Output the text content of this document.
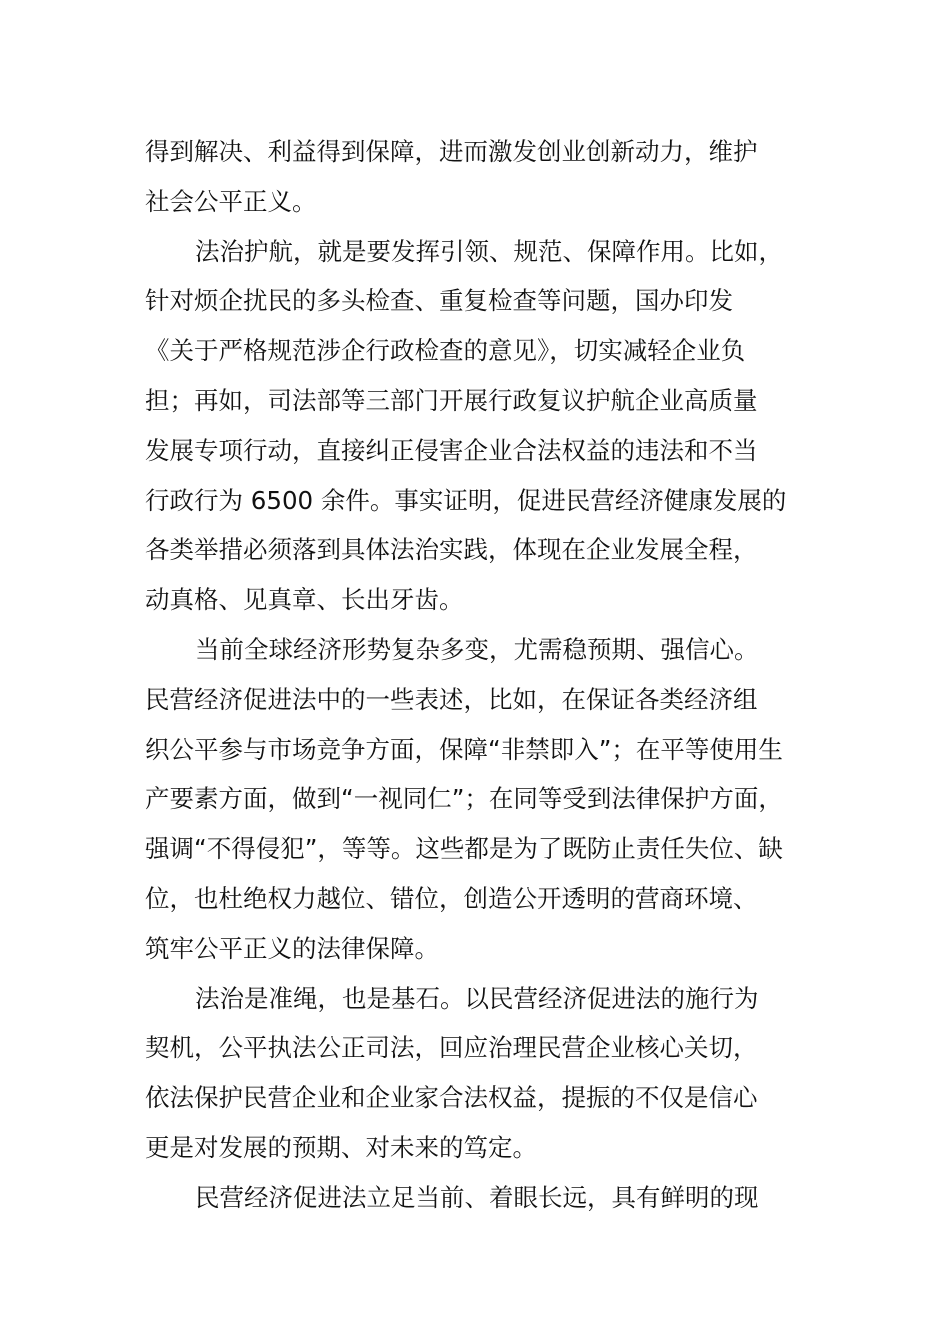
得到解决、利益得到保障，进而激发创业创新动力，维护
社会公平正义。
法治护航，就是要发挥引领、规范、保障作用。比如，
针对烦企扰民的多头检查、重复检查等问题，国办印发
《关于严格规范涉企行政检查的意见》，切实减轻企业负
担；再如，司法部等三部门开展行政复议护航企业高质量
发展专项行动，直接纠正侵害企业合法权益的违法和不当
行政行为 6500 余件。事实证明，促进民营经济健康发展的
各类举措必须落到具体法治实践，体现在企业发展全程，
动真格、见真章、长出牙齿。
当前全球经济形势复杂多变，尤需稳预期、强信心。
民营经济促进法中的一些表述，比如，在保证各类经济组
织公平参与市场竞争方面，保障“非禁即入”；在平等使用生
产要素方面，做到“一视同仁”；在同等受到法律保护方面，
强调“不得侵犯”，等等。这些都是为了既防止责任失位、缺
位，也杜绝权力越位、错位，创造公开透明的营商环境、
筑牢公平正义的法律保障。
法治是准绳，也是基石。以民营经济促进法的施行为
契机，公平执法公正司法，回应治理民营企业核心关切，
依法保护民营企业和企业家合法权益，提振的不仅是信心
更是对发展的预期、对未来的笃定。
民营经济促进法立足当前、着眼长远，具有鲜明的现
